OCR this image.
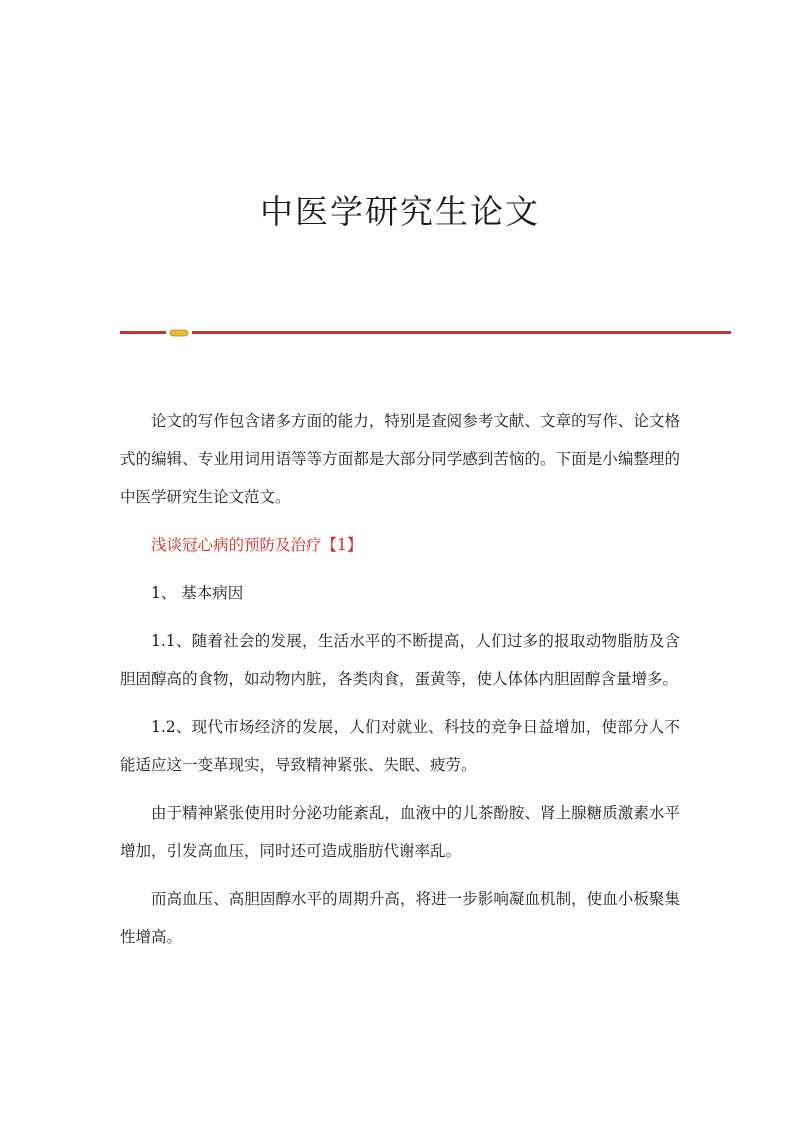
中医学研究生论文

论文的写作包含诸多方面的能力，特别是查阅参考文献、文章的写作、论文格式的编辑、专业用词用语等等方面都是大部分同学感到苦恼的。下面是小编整理的中医学研究生论文范文。

浅谈冠心病的预防及治疗【1】

1、 基本病因

1.1、随着社会的发展，生活水平的不断提高，人们过多的报取动物脂肪及含胆固醇高的食物，如动物内脏，各类肉食，蛋黄等，使人体体内胆固醇含量增多。

1.2、现代市场经济的发展，人们对就业、科技的竞争日益增加，使部分人不能适应这一变革现实，导致精神紧张、失眠、疲劳。

由于精神紧张使用时分泌功能紊乱，血液中的儿茶酚胺、肾上腺糖质激素水平增加，引发高血压，同时还可造成脂肪代谢率乱。

而高血压、高胆固醇水平的周期升高，将进一步影响凝血机制，使血小板聚集性增高。
